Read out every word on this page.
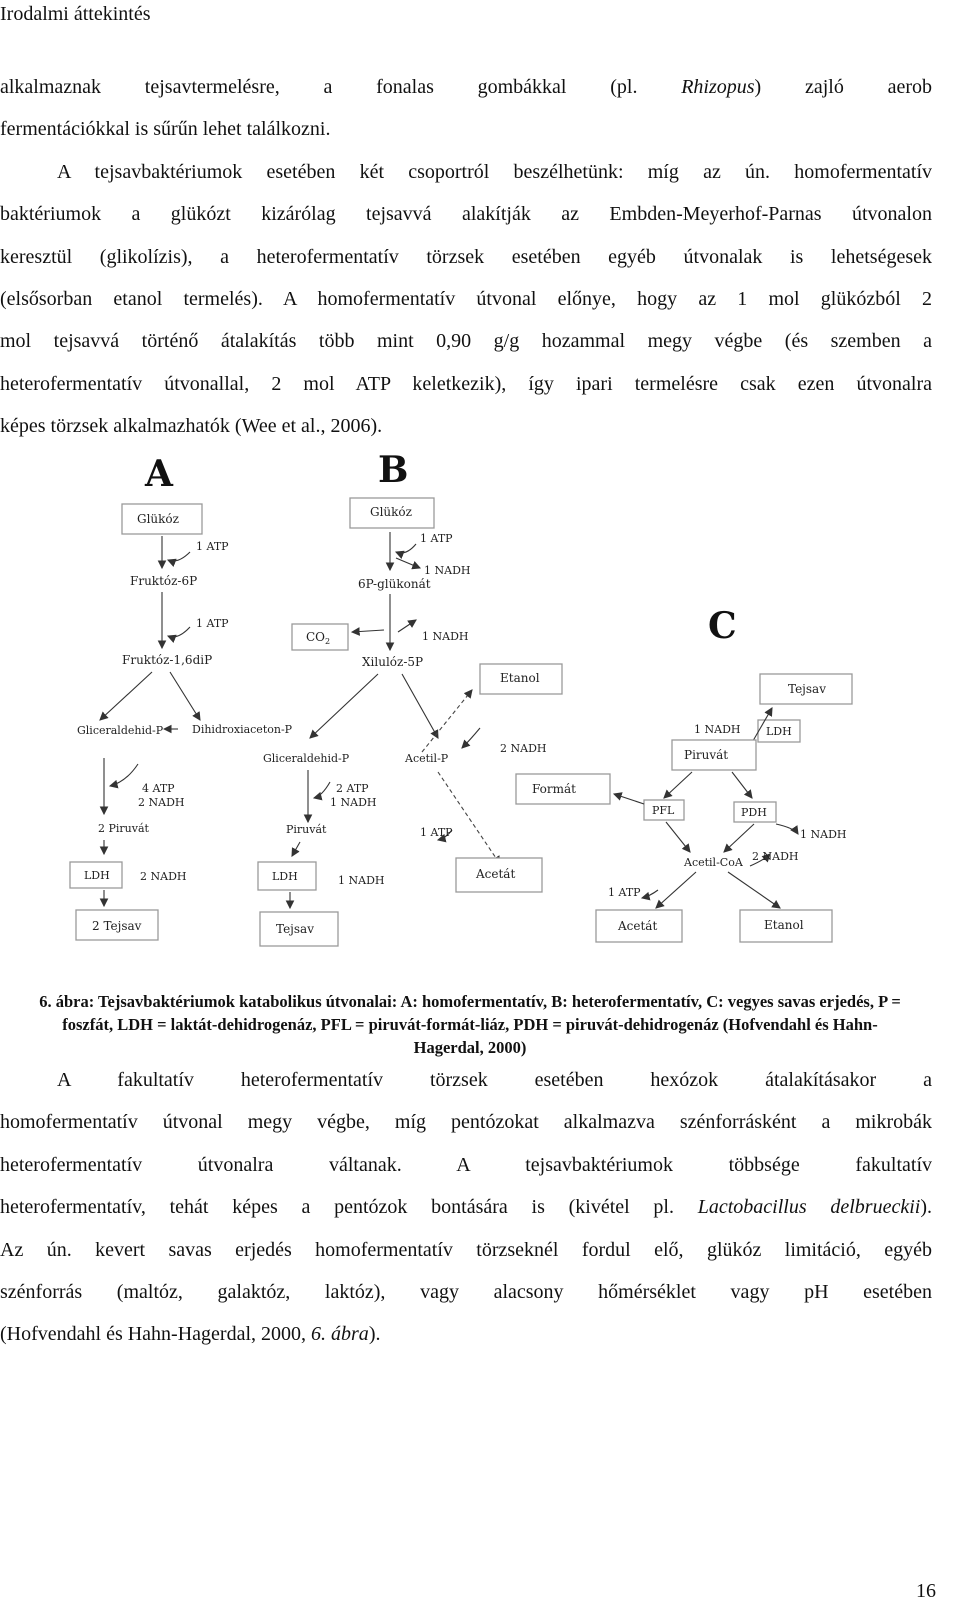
Irodalmi áttekintés
alkalmaznak tejsavtermelésre, a fonalas gombákkal (pl. Rhizopus) zajló aerob
fermentációkkal is sűrűn lehet találkozni.
A tejsavbaktériumok esetében két csoportról beszélhetünk: míg az ún. homofermentatív
baktériumok a glükózt kizárólag tejsavvá alakítják az Embden-Meyerhof-Parnas útvonalon
keresztül (glikolízis), a heterofermentatív törzsek esetében egyéb útvonalak is lehetségesek
(elsősorban etanol termelés). A homofermentatív útvonal előnye, hogy az 1 mol glükózból 2
mol tejsavvá történő átalakítás több mint 0,90 g/g hozammal megy végbe (és szemben a
heterofermentatív útvonallal, 2 mol ATP keletkezik), így ipari termelésre csak ezen útvonalra
képes törzsek alkalmazhatók (Wee et al., 2006).
A	B
C
Glükóz
1 ATP
Fruktóz-6P
1 ATP
Fruktóz-1,6diP
Gliceraldehid-P	Dihidroxiaceton-P
4 ATP
2 NADH
2 Piruvát
LDH	2 NADH
2 Tejsav
Glükóz
1 ATP
1 NADH
6P-glükonát
$CO_2$	1 NADH
Xilulóz-5P
Gliceraldehid-P	Acetil-P
2 ATP
1 NADH
Piruvát
LDH	1 NADH
Tejsav
Etanol
2 NADH
1 ATP
Acetát
Tejsav
LDH
1 NADH
Piruvát
PFL	PDH
Formát
1 NADH
Acetil-CoA 2 NADH
1 ATP
Acetát	Etanol
6. ábra: Tejsavbaktériumok katabolikus útvonalai: A: homofermentatív, B: heterofermentatív, C: vegyes savas erjedés, P = foszfát, LDH = laktát-dehidrogenáz, PFL = piruvát-formát-liáz, PDH = piruvát-dehidrogenáz (Hofvendahl és Hahn-Hagerdal, 2000)
A fakultatív heterofermentatív törzsek esetében hexózok átalakításakor a
homofermentatív útvonal megy végbe, míg pentózokat alkalmazva szénforrásként a mikrobák
heterofermentatív útvonalra váltanak. A tejsavbaktériumok többsége fakultatív
heterofermentatív, tehát képes a pentózok bontására is (kivétel pl. Lactobacillus delbrueckii).
Az ún. kevert savas erjedés homofermentatív törzseknél fordul elő, glükóz limitáció, egyéb
szénforrás (maltóz, galaktóz, laktóz), vagy alacsony hőmérséklet vagy pH esetében
(Hofvendahl és Hahn-Hagerdal, 2000, 6. ábra).
16
